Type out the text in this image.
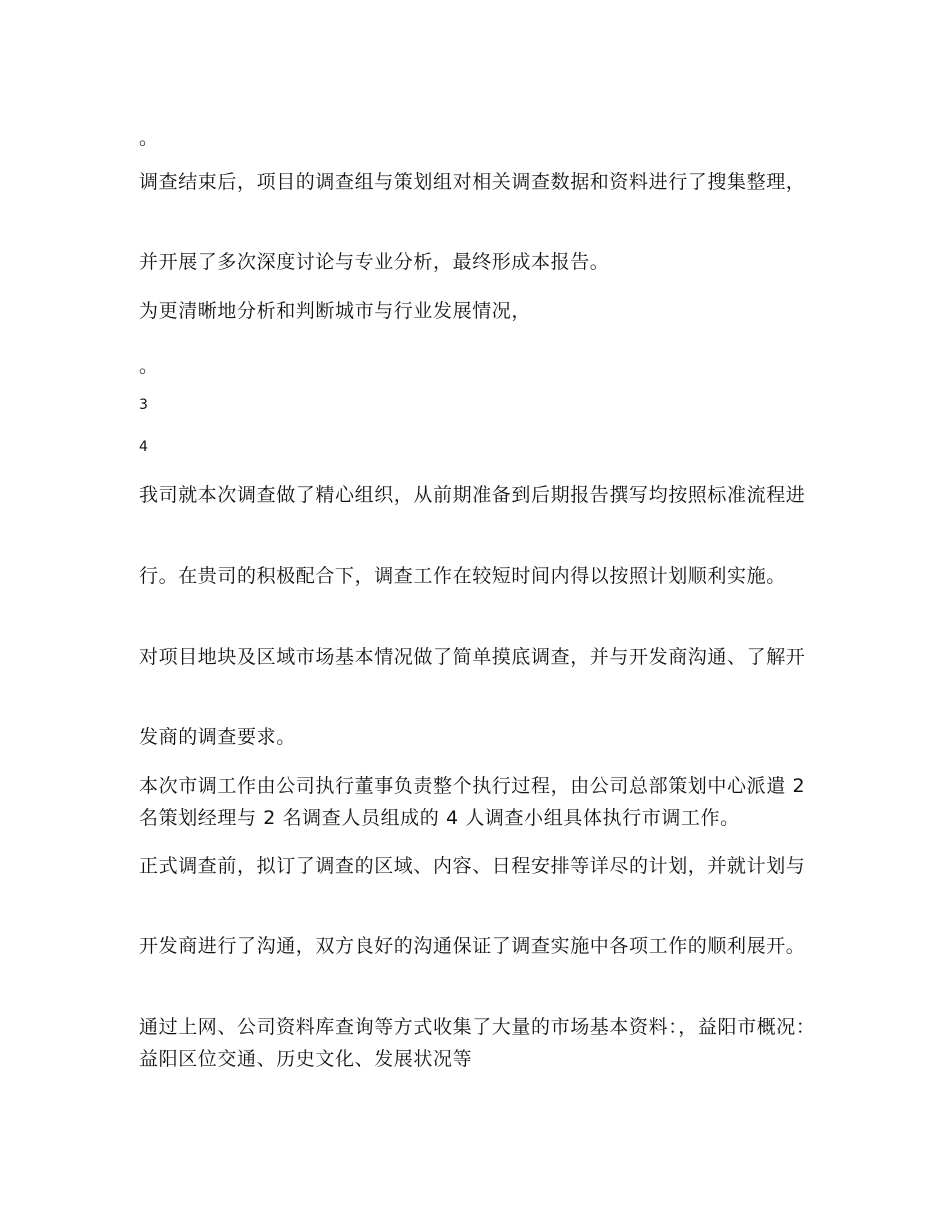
。

调查结束后，项目的调查组与策划组对相关调查数据和资料进行了搜集整理，

并开展了多次深度讨论与专业分析，最终形成本报告。

为更清晰地分析和判断城市与行业发展情况，

。

3

4

我司就本次调查做了精心组织，从前期准备到后期报告撰写均按照标准流程进

行。在贵司的积极配合下，调查工作在较短时间内得以按照计划顺利实施。

对项目地块及区域市场基本情况做了简单摸底调查，并与开发商沟通、了解开

发商的调查要求。

本次市调工作由公司执行董事负责整个执行过程，由公司总部策划中心派遣 2 名策划经理与 2 名调查人员组成的 4 人调查小组具体执行市调工作。

正式调查前，拟订了调查的区域、内容、日程安排等详尽的计划，并就计划与

开发商进行了沟通，双方良好的沟通保证了调查实施中各项工作的顺利展开。

通过上网、公司资料库查询等方式收集了大量的市场基本资料：，益阳市概况：益阳区位交通、历史文化、发展状况等
